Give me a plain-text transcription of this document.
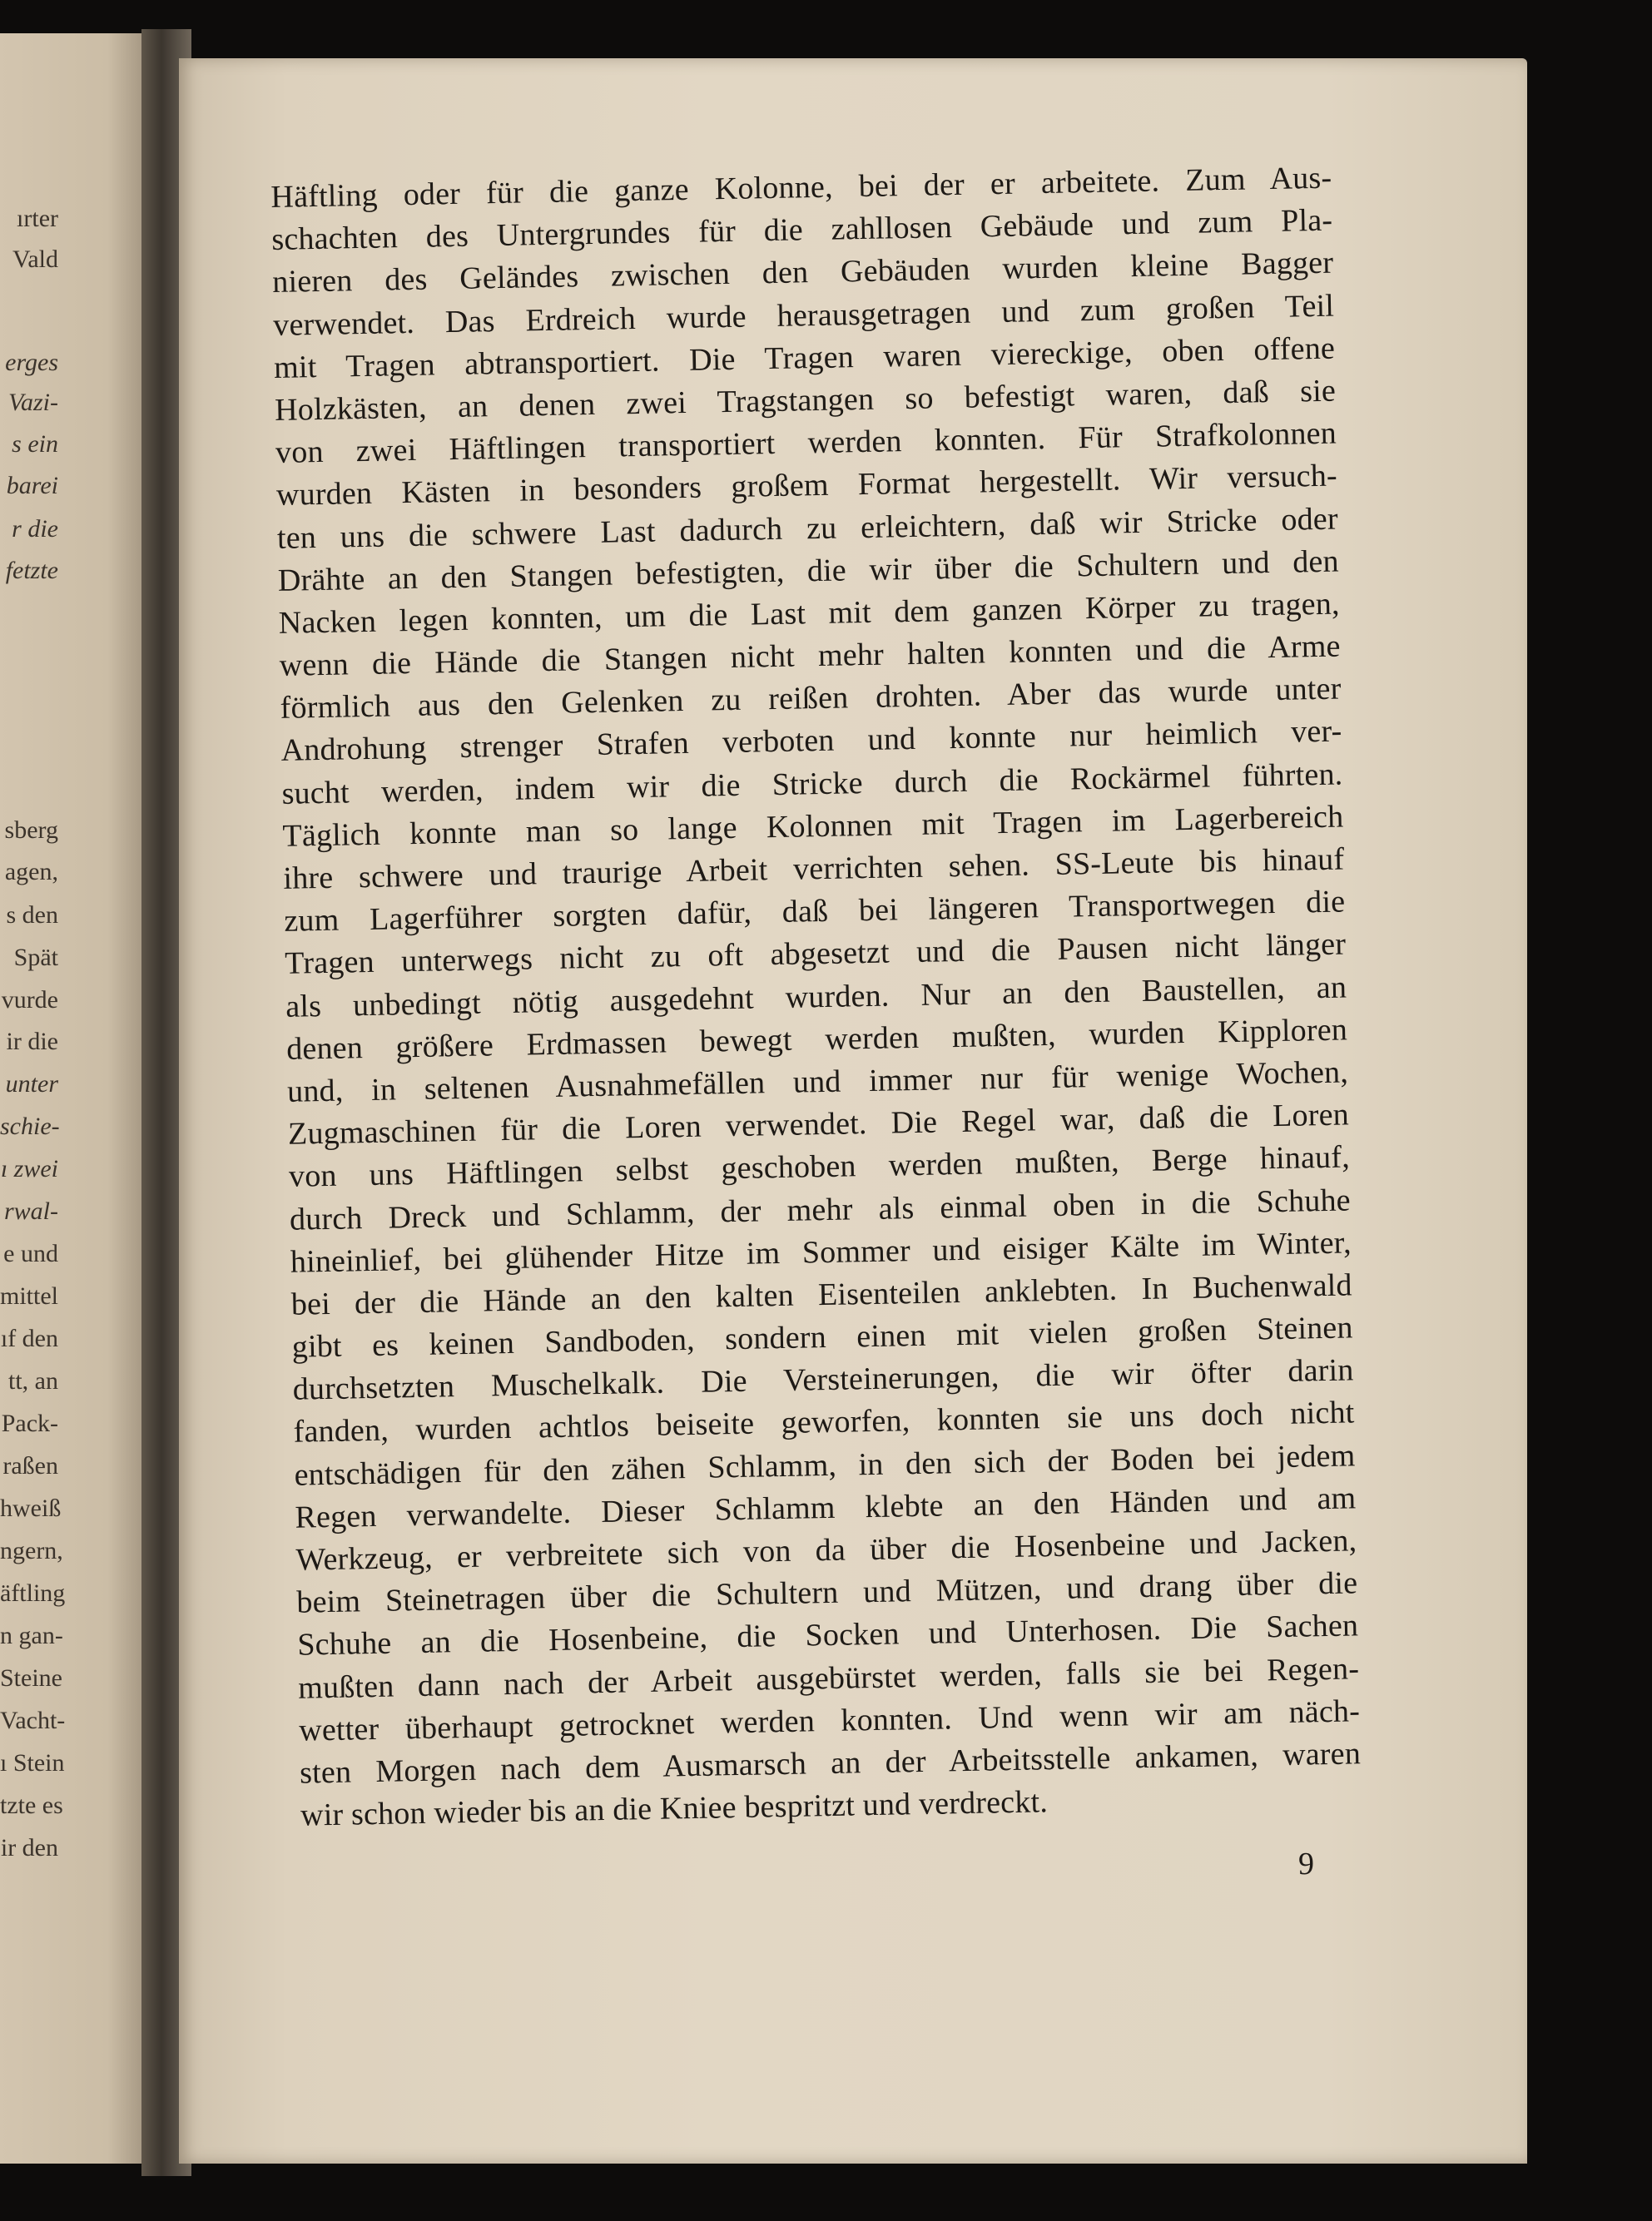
ırter
Vald
erges
Vazi-
s ein
barei
r die
fetzte
sberg
agen,
s den
Spät
vurde
ir die
unter
schie-
ı zwei
rwal-
e und
mittel
ıf den
tt, an
Pack-
raßen
hweiß
ngern,
äftling
n gan-
Steine
Vacht-
ı Stein
tzte es
ir den
Häftling oder für die ganze Kolonne, bei der er arbeitete. Zum Aus-
schachten des Untergrundes für die zahllosen Gebäude und zum Pla-
nieren des Geländes zwischen den Gebäuden wurden kleine Bagger
verwendet. Das Erdreich wurde herausgetragen und zum großen Teil
mit Tragen abtransportiert. Die Tragen waren viereckige, oben offene
Holzkästen, an denen zwei Tragstangen so befestigt waren, daß sie
von zwei Häftlingen transportiert werden konnten. Für Strafkolonnen
wurden Kästen in besonders großem Format hergestellt. Wir versuch-
ten uns die schwere Last dadurch zu erleichtern, daß wir Stricke oder
Drähte an den Stangen befestigten, die wir über die Schultern und den
Nacken legen konnten, um die Last mit dem ganzen Körper zu tragen,
wenn die Hände die Stangen nicht mehr halten konnten und die Arme
förmlich aus den Gelenken zu reißen drohten. Aber das wurde unter
Androhung strenger Strafen verboten und konnte nur heimlich ver-
sucht werden, indem wir die Stricke durch die Rockärmel führten.
Täglich konnte man so lange Kolonnen mit Tragen im Lagerbereich
ihre schwere und traurige Arbeit verrichten sehen. SS-Leute bis hinauf
zum Lagerführer sorgten dafür, daß bei längeren Transportwegen die
Tragen unterwegs nicht zu oft abgesetzt und die Pausen nicht länger
als unbedingt nötig ausgedehnt wurden. Nur an den Baustellen, an
denen größere Erdmassen bewegt werden mußten, wurden Kipploren
und, in seltenen Ausnahmefällen und immer nur für wenige Wochen,
Zugmaschinen für die Loren verwendet. Die Regel war, daß die Loren
von uns Häftlingen selbst geschoben werden mußten, Berge hinauf,
durch Dreck und Schlamm, der mehr als einmal oben in die Schuhe
hineinlief, bei glühender Hitze im Sommer und eisiger Kälte im Winter,
bei der die Hände an den kalten Eisenteilen anklebten. In Buchenwald
gibt es keinen Sandboden, sondern einen mit vielen großen Steinen
durchsetzten Muschelkalk. Die Versteinerungen, die wir öfter darin
fanden, wurden achtlos beiseite geworfen, konnten sie uns doch nicht
entschädigen für den zähen Schlamm, in den sich der Boden bei jedem
Regen verwandelte. Dieser Schlamm klebte an den Händen und am
Werkzeug, er verbreitete sich von da über die Hosenbeine und Jacken,
beim Steinetragen über die Schultern und Mützen, und drang über die
Schuhe an die Hosenbeine, die Socken und Unterhosen. Die Sachen
mußten dann nach der Arbeit ausgebürstet werden, falls sie bei Regen-
wetter überhaupt getrocknet werden konnten. Und wenn wir am näch-
sten Morgen nach dem Ausmarsch an der Arbeitsstelle ankamen, waren
wir schon wieder bis an die Kniee bespritzt und verdreckt.
9
